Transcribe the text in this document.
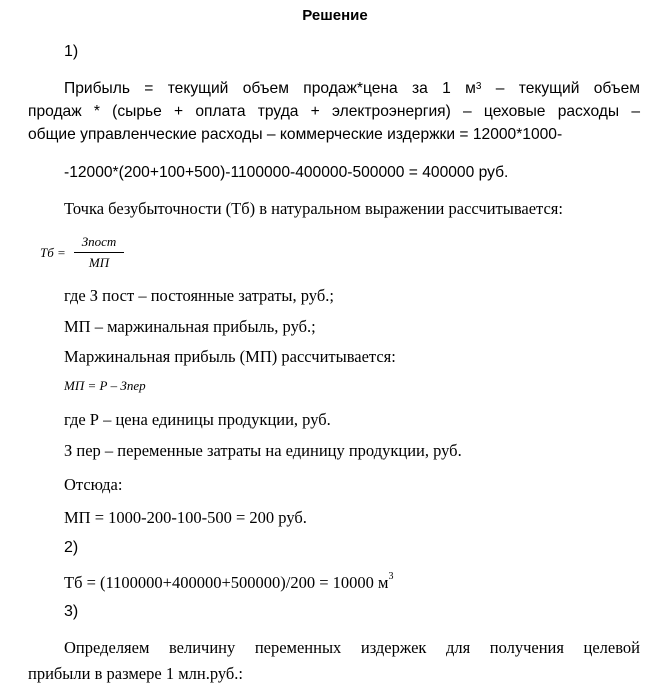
Решение
1)
Прибыль = текущий объем продаж*цена за 1 $м^3$ – текущий объем
продаж * (сырье + оплата труда + электроэнергия) – цеховые расходы –
общие управленческие расходы – коммерческие издержки = 12000*1000-
-12000*(200+100+500)-1100000-400000-500000 = 400000 руб.
Точка безубыточности (Тб) в натуральном выражении рассчитывается:
Тб =
Зпост
МП
где З пост – постоянные затраты, руб.;
МП – маржинальная прибыль, руб.;
Маржинальная прибыль (МП) рассчитывается:
МП = Р – Зпер
где Р – цена единицы продукции, руб.
З пер – переменные затраты на единицу продукции, руб.
Отсюда:
МП = 1000-200-100-500 = 200 руб.
2)
Тб = (1100000+400000+500000)/200 = 10000 $м^3$
3)
Определяем величину переменных издержек для получения целевой
прибыли в размере 1 млн.руб.:
